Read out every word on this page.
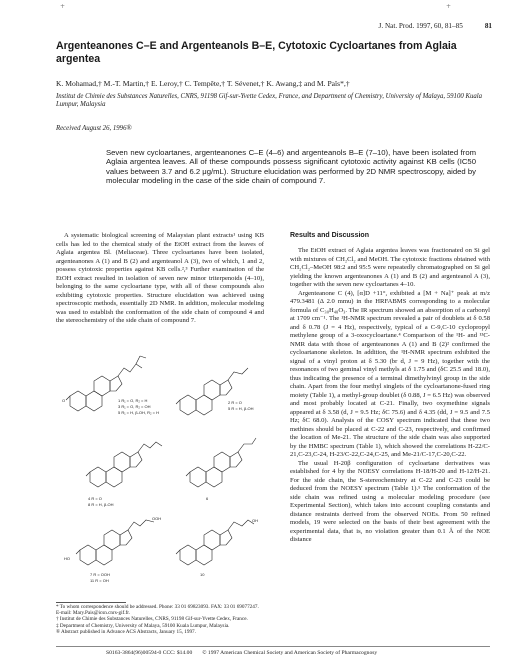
+	+
J. Nat. Prod. 1997, 60, 81–85	81
Argenteanones C–E and Argenteanols B–E, Cytotoxic Cycloartanes from Aglaia argentea
K. Mohamad,† M.-T. Martin,† E. Leroy,† C. Tempête,† T. Sévenet,† K. Awang,‡ and M. Païs*,†
Institut de Chimie des Substances Naturelles, CNRS, 91198 Gif-sur-Yvette Cedex, France, and Department of Chemistry, University of Malaya, 59100 Kuala Lumpur, Malaysia
Received August 26, 1996®
Seven new cycloartanes, argenteanones C–E (4–6) and argenteanols B–E (7–10), have been isolated from Aglaia argentea leaves. All of these compounds possess significant cytotoxic activity against KB cells (IC50 values between 3.7 and 6.2 μg/mL). Structure elucidation was performed by 2D NMR spectroscopy, aided by molecular modeling in the case of the side chain of compound 7.

A systematic biological screening of Malaysian plant extracts¹ using KB cells has led to the chemical study of the EtOH extract from the leaves of Aglaia argentea Bl. (Meliaceae). Three cycloartanes have been isolated, argenteanones A (1) and B (2) and argenteanol A (3), two of which, 1 and 2, possess cytotoxic properties against KB cells.²,³ Further examination of the EtOH extract resulted in isolation of seven new minor triterpenoids (4–10), belonging to the same cycloartane type, with all of these compounds also exhibiting cytotoxic properties. Structure elucidation was achieved using spectroscopic methods, essentially 2D NMR. In addition, molecular modeling was used to establish the conformation of the side chain of compound 4 and the stereochemistry of the side chain of compound 7.

1 R₁ = O, R₂ = H
3 R₁ = O, R₂ = OH
5 R₁ = H, β-OH, R₂ = H
2 R = O
5 R = H, β-OH
4 R = O
8 R = H, β-OH
6
7 R = OOH
11 R = OH
10
OOH
HO
OH
O
* To whom correspondence should be addressed. Phone: 33 01 69823093. FAX: 33 01 69077247. E-mail: Mary.Pais@icsn.cnrs-gif.fr.
† Institut de Chimie des Substances Naturelles, CNRS, 91198 Gif-sur-Yvette Cedex, France.
‡ Department of Chemistry, University of Malaya, 59100 Kuala Lumpur, Malaysia.
® Abstract published in Advance ACS Abstracts, January 15, 1997.
Results and Discussion

The EtOH extract of Aglaia argentea leaves was fractionated on Si gel with mixtures of CH₂Cl₂ and MeOH. The cytotoxic fractions obtained with CH₂Cl₂–MeOH 98:2 and 95:5 were repeatedly chromatographed on Si gel yielding the known argenteanones A (1) and B (2) and argenteanol A (3), together with the seven new cycloartanes 4–10.

Argenteanone C (4), [α]D +11°, exhibited a [M + Na]⁺ peak at m/z 479.3481 (Δ 2.0 mmu) in the HRFABMS corresponding to a molecular formula of C₃₀H₄₈O₃. The IR spectrum showed an absorption of a carbonyl at 1709 cm⁻¹. The ¹H-NMR spectrum revealed a pair of doublets at δ 0.58 and δ 0.78 (J = 4 Hz), respectively, typical of a C-9,C-10 cyclopropyl methylene group of a 3-oxocycloartane.⁴ Comparison of the ¹H- and ¹³C-NMR data with those of argenteanones A (1) and B (2)² confirmed the cycloartanone skeleton. In addition, the ¹H-NMR spectrum exhibited the signal of a vinyl proton at δ 5.30 (br d, J = 9 Hz), together with the resonances of two geminal vinyl methyls at δ 1.75 and (δC 25.5 and 18.0), thus indicating the presence of a terminal dimethylvinyl group in the side chain. Apart from the four methyl singlets of the cycloartanone-fused ring moiety (Table 1), a methyl-group doublet (δ 0.88, J = 6.5 Hz) was observed and most probably located at C-21. Finally, two oxymethine signals appeared at δ 3.58 (d, J = 9.5 Hz; δC 75.6) and δ 4.35 (dd, J = 9.5 and 7.5 Hz; δC 68.0). Analysis of the COSY spectrum indicated that these two methines should be placed at C-22 and C-23, respectively, and confirmed the location of Me-21. The structure of the side chain was also supported by the HMBC spectrum (Table 1), which showed the correlations H-22/C-21,C-23,C-24, H-23/C-22,C-24,C-25, and Me-21/C-17,C-20,C-22.

The usual H-20β configuration of cycloartane derivatives was established for 4 by the NOESY correlations H-18/H-20 and H-12/H-21. For the side chain, the S-stereochemistry at C-22 and C-23 could be deduced from the NOESY spectrum (Table 1).⁵ The conformation of the side chain was refined using a molecular modeling procedure (see Experimental Section), which takes into account coupling constants and distance restraints derived from the observed NOEs. From 50 refined models, 19 were selected on the basis of their best agreement with the experimental data, that is, no violation greater than 0.1 Å of the NOE distance

S0163-3864(96)00594-0 CCC: $14.00 © 1997 American Chemical Society and American Society of Pharmacognosy
